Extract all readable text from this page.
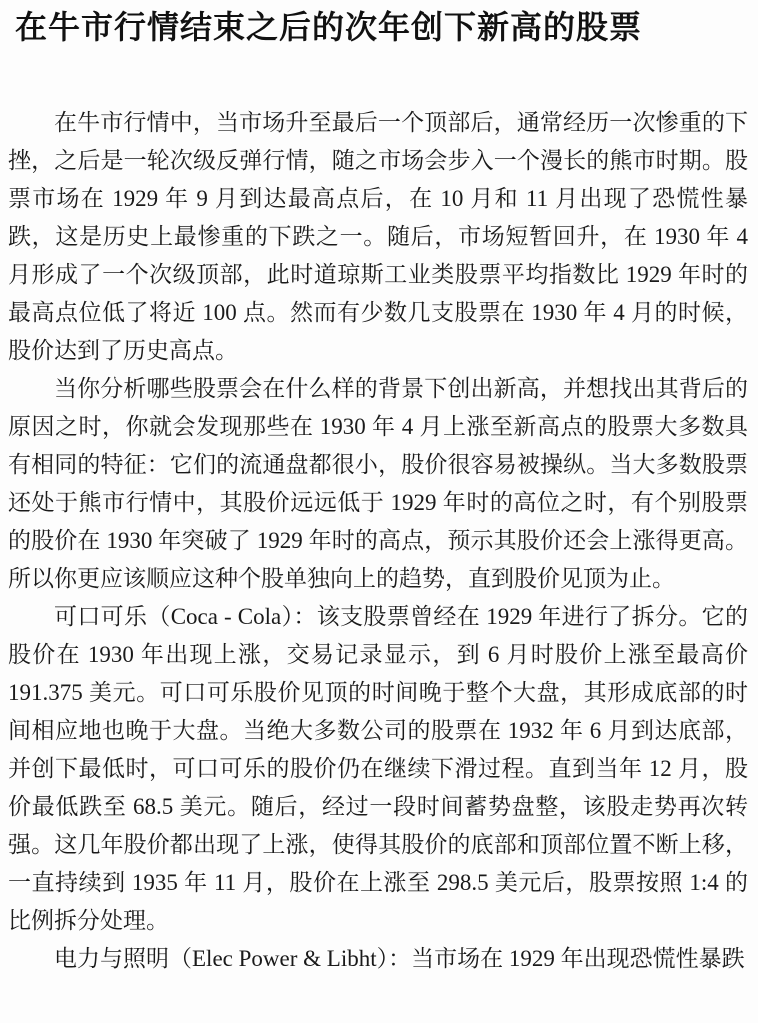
在牛市行情结束之后的次年创下新高的股票

在牛市行情中，当市场升至最后一个顶部后，通常经历一次惨重的下挫，之后是一轮次级反弹行情，随之市场会步入一个漫长的熊市时期。股票市场在 1929 年 9 月到达最高点后，在 10 月和 11 月出现了恐慌性暴跌，这是历史上最惨重的下跌之一。随后，市场短暂回升，在 1930 年 4 月形成了一个次级顶部，此时道琼斯工业类股票平均指数比 1929 年时的最高点位低了将近 100 点。然而有少数几支股票在 1930 年 4 月的时候，股价达到了历史高点。

当你分析哪些股票会在什么样的背景下创出新高，并想找出其背后的原因之时，你就会发现那些在 1930 年 4 月上涨至新高点的股票大多数具有相同的特征：它们的流通盘都很小，股价很容易被操纵。当大多数股票还处于熊市行情中，其股价远远低于 1929 年时的高位之时，有个别股票的股价在 1930 年突破了 1929 年时的高点，预示其股价还会上涨得更高。所以你更应该顺应这种个股单独向上的趋势，直到股价见顶为止。

可口可乐（Coca - Cola）：该支股票曾经在 1929 年进行了拆分。它的股价在 1930 年出现上涨，交易记录显示，到 6 月时股价上涨至最高价 191.375 美元。可口可乐股价见顶的时间晚于整个大盘，其形成底部的时间相应地也晚于大盘。当绝大多数公司的股票在 1932 年 6 月到达底部，并创下最低时，可口可乐的股价仍在继续下滑过程。直到当年 12 月，股价最低跌至 68.5 美元。随后，经过一段时间蓄势盘整，该股走势再次转强。这几年股价都出现了上涨，使得其股价的底部和顶部位置不断上移，一直持续到 1935 年 11 月，股价在上涨至 298.5 美元后，股票按照 1:4 的比例拆分处理。

电力与照明（Elec Power & Libht）：当市场在 1929 年出现恐慌性暴跌
